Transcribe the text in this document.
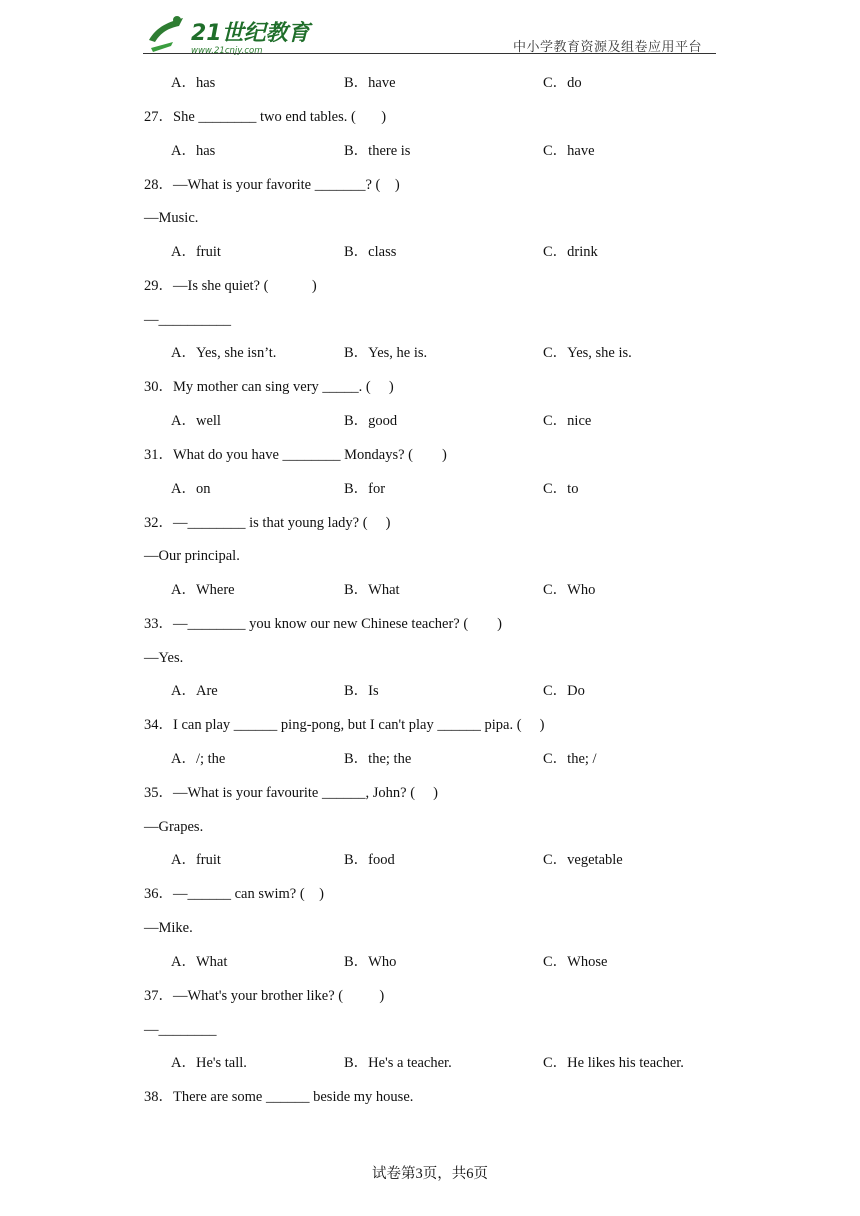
21世纪教育
www.21cnjy.com	中小学教育资源及组卷应用平台
A．has	B．have	C．do
27．She ________ two end tables. (       )
A．has	B．there is	C．have
28．—What is your favorite _______? (    )
—Music.
A．fruit	B．class	C．drink
29．—Is she quiet? (            )
—__________
A．Yes, she isn’t.	B．Yes, he is.	C．Yes, she is.
30．My mother can sing very _____. (     )
A．well	B．good	C．nice
31．What do you have ________ Mondays? (        )
A．on	B．for	C．to
32．—________ is that young lady? (     )
—Our principal.
A．Where	B．What	C．Who
33．—________ you know our new Chinese teacher? (        )
—Yes.
A．Are	B．Is	C．Do
34．I can play ______ ping-pong, but I can't play ______ pipa. (     )
A．/; the	B．the; the	C．the; /
35．—What is your favourite ______, John? (     )
—Grapes.
A．fruit	B．food	C．vegetable
36．—______ can swim? (    )
—Mike.
A．What	B．Who	C．Whose
37．—What's your brother like? (          )
—________
A．He's tall.	B．He's a teacher.	C．He likes his teacher.
38．There are some ______ beside my house.
试卷第3页，共6页
